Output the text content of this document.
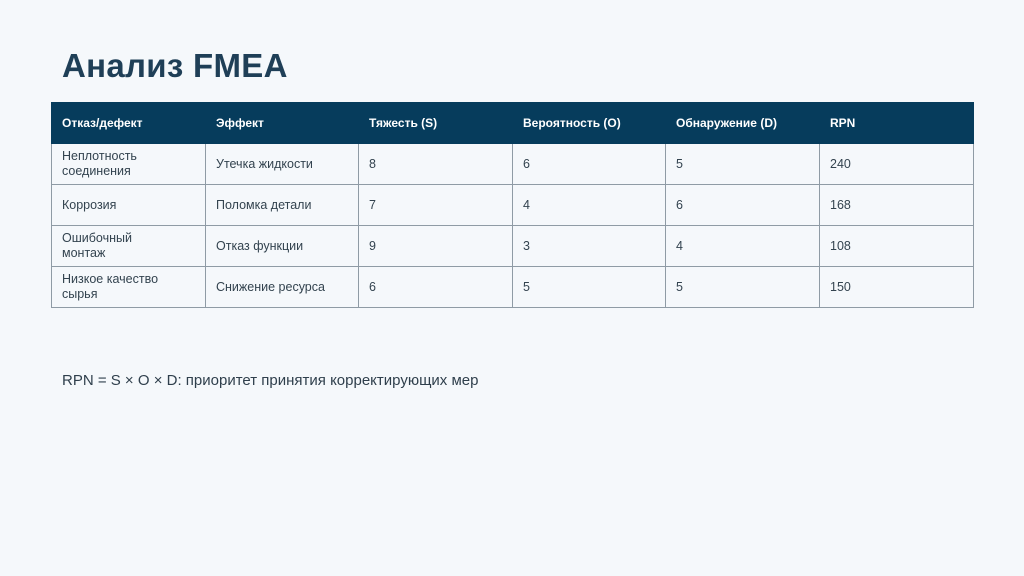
Анализ FMEA
Отказ/дефект	Эффект	Тяжесть (S)	Вероятность (O)	Обнаружение (D)	RPN
Неплотность соединения	Утечка жидкости	8	6	5	240
Коррозия	Поломка детали	7	4	6	168
Ошибочный монтаж	Отказ функции	9	3	4	108
Низкое качество сырья	Снижение ресурса	6	5	5	150

RPN = S × O × D: приоритет принятия корректирующих мер
